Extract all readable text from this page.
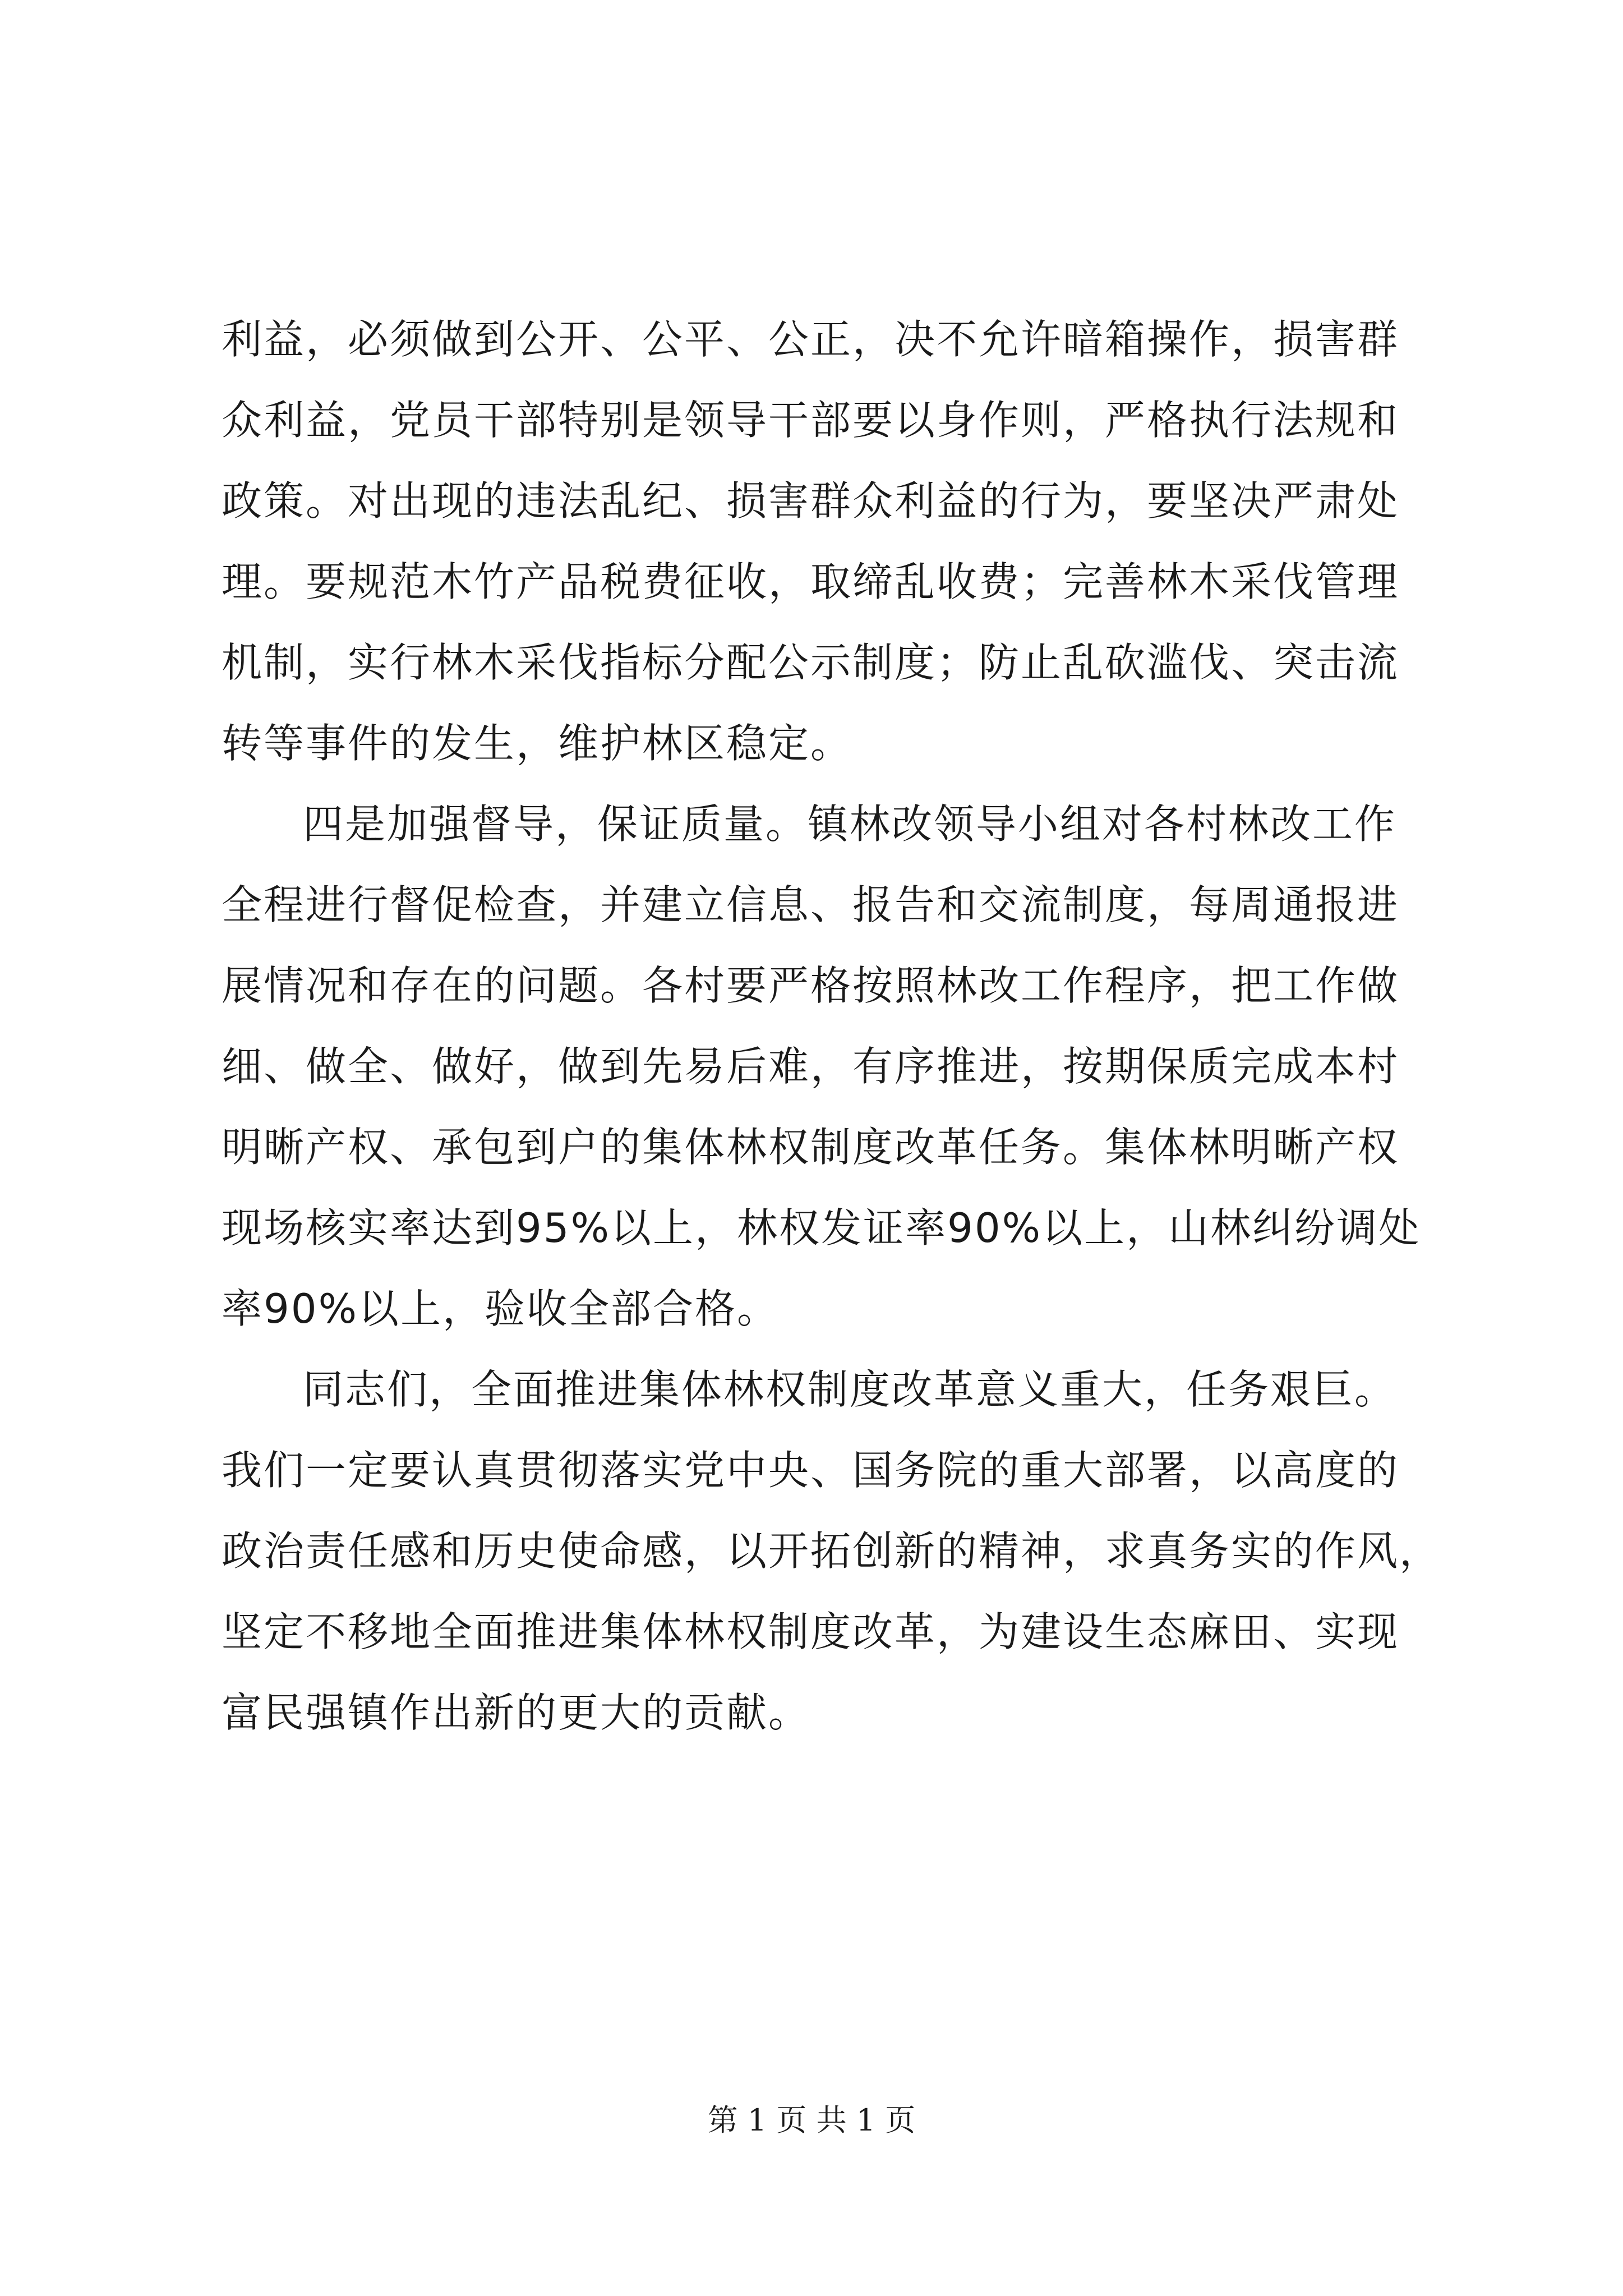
利益，必须做到公开、公平、公正，决不允许暗箱操作，损害群
众利益，党员干部特别是领导干部要以身作则，严格执行法规和
政策。对出现的违法乱纪、损害群众利益的行为，要坚决严肃处
理。要规范木竹产品税费征收，取缔乱收费；完善林木采伐管理
机制，实行林木采伐指标分配公示制度；防止乱砍滥伐、突击流
转等事件的发生，维护林区稳定。
四是加强督导，保证质量。镇林改领导小组对各村林改工作
全程进行督促检查，并建立信息、报告和交流制度，每周通报进
展情况和存在的问题。各村要严格按照林改工作程序，把工作做
细、做全、做好，做到先易后难，有序推进，按期保质完成本村
明晰产权、承包到户的集体林权制度改革任务。集体林明晰产权
现场核实率达到95%以上，林权发证率90%以上，山林纠纷调处
率90%以上，验收全部合格。
同志们，全面推进集体林权制度改革意义重大，任务艰巨。
我们一定要认真贯彻落实党中央、国务院的重大部署，以高度的
政治责任感和历史使命感，以开拓创新的精神，求真务实的作风，
坚定不移地全面推进集体林权制度改革，为建设生态麻田、实现
富民强镇作出新的更大的贡献。
第 1 页 共 1 页
